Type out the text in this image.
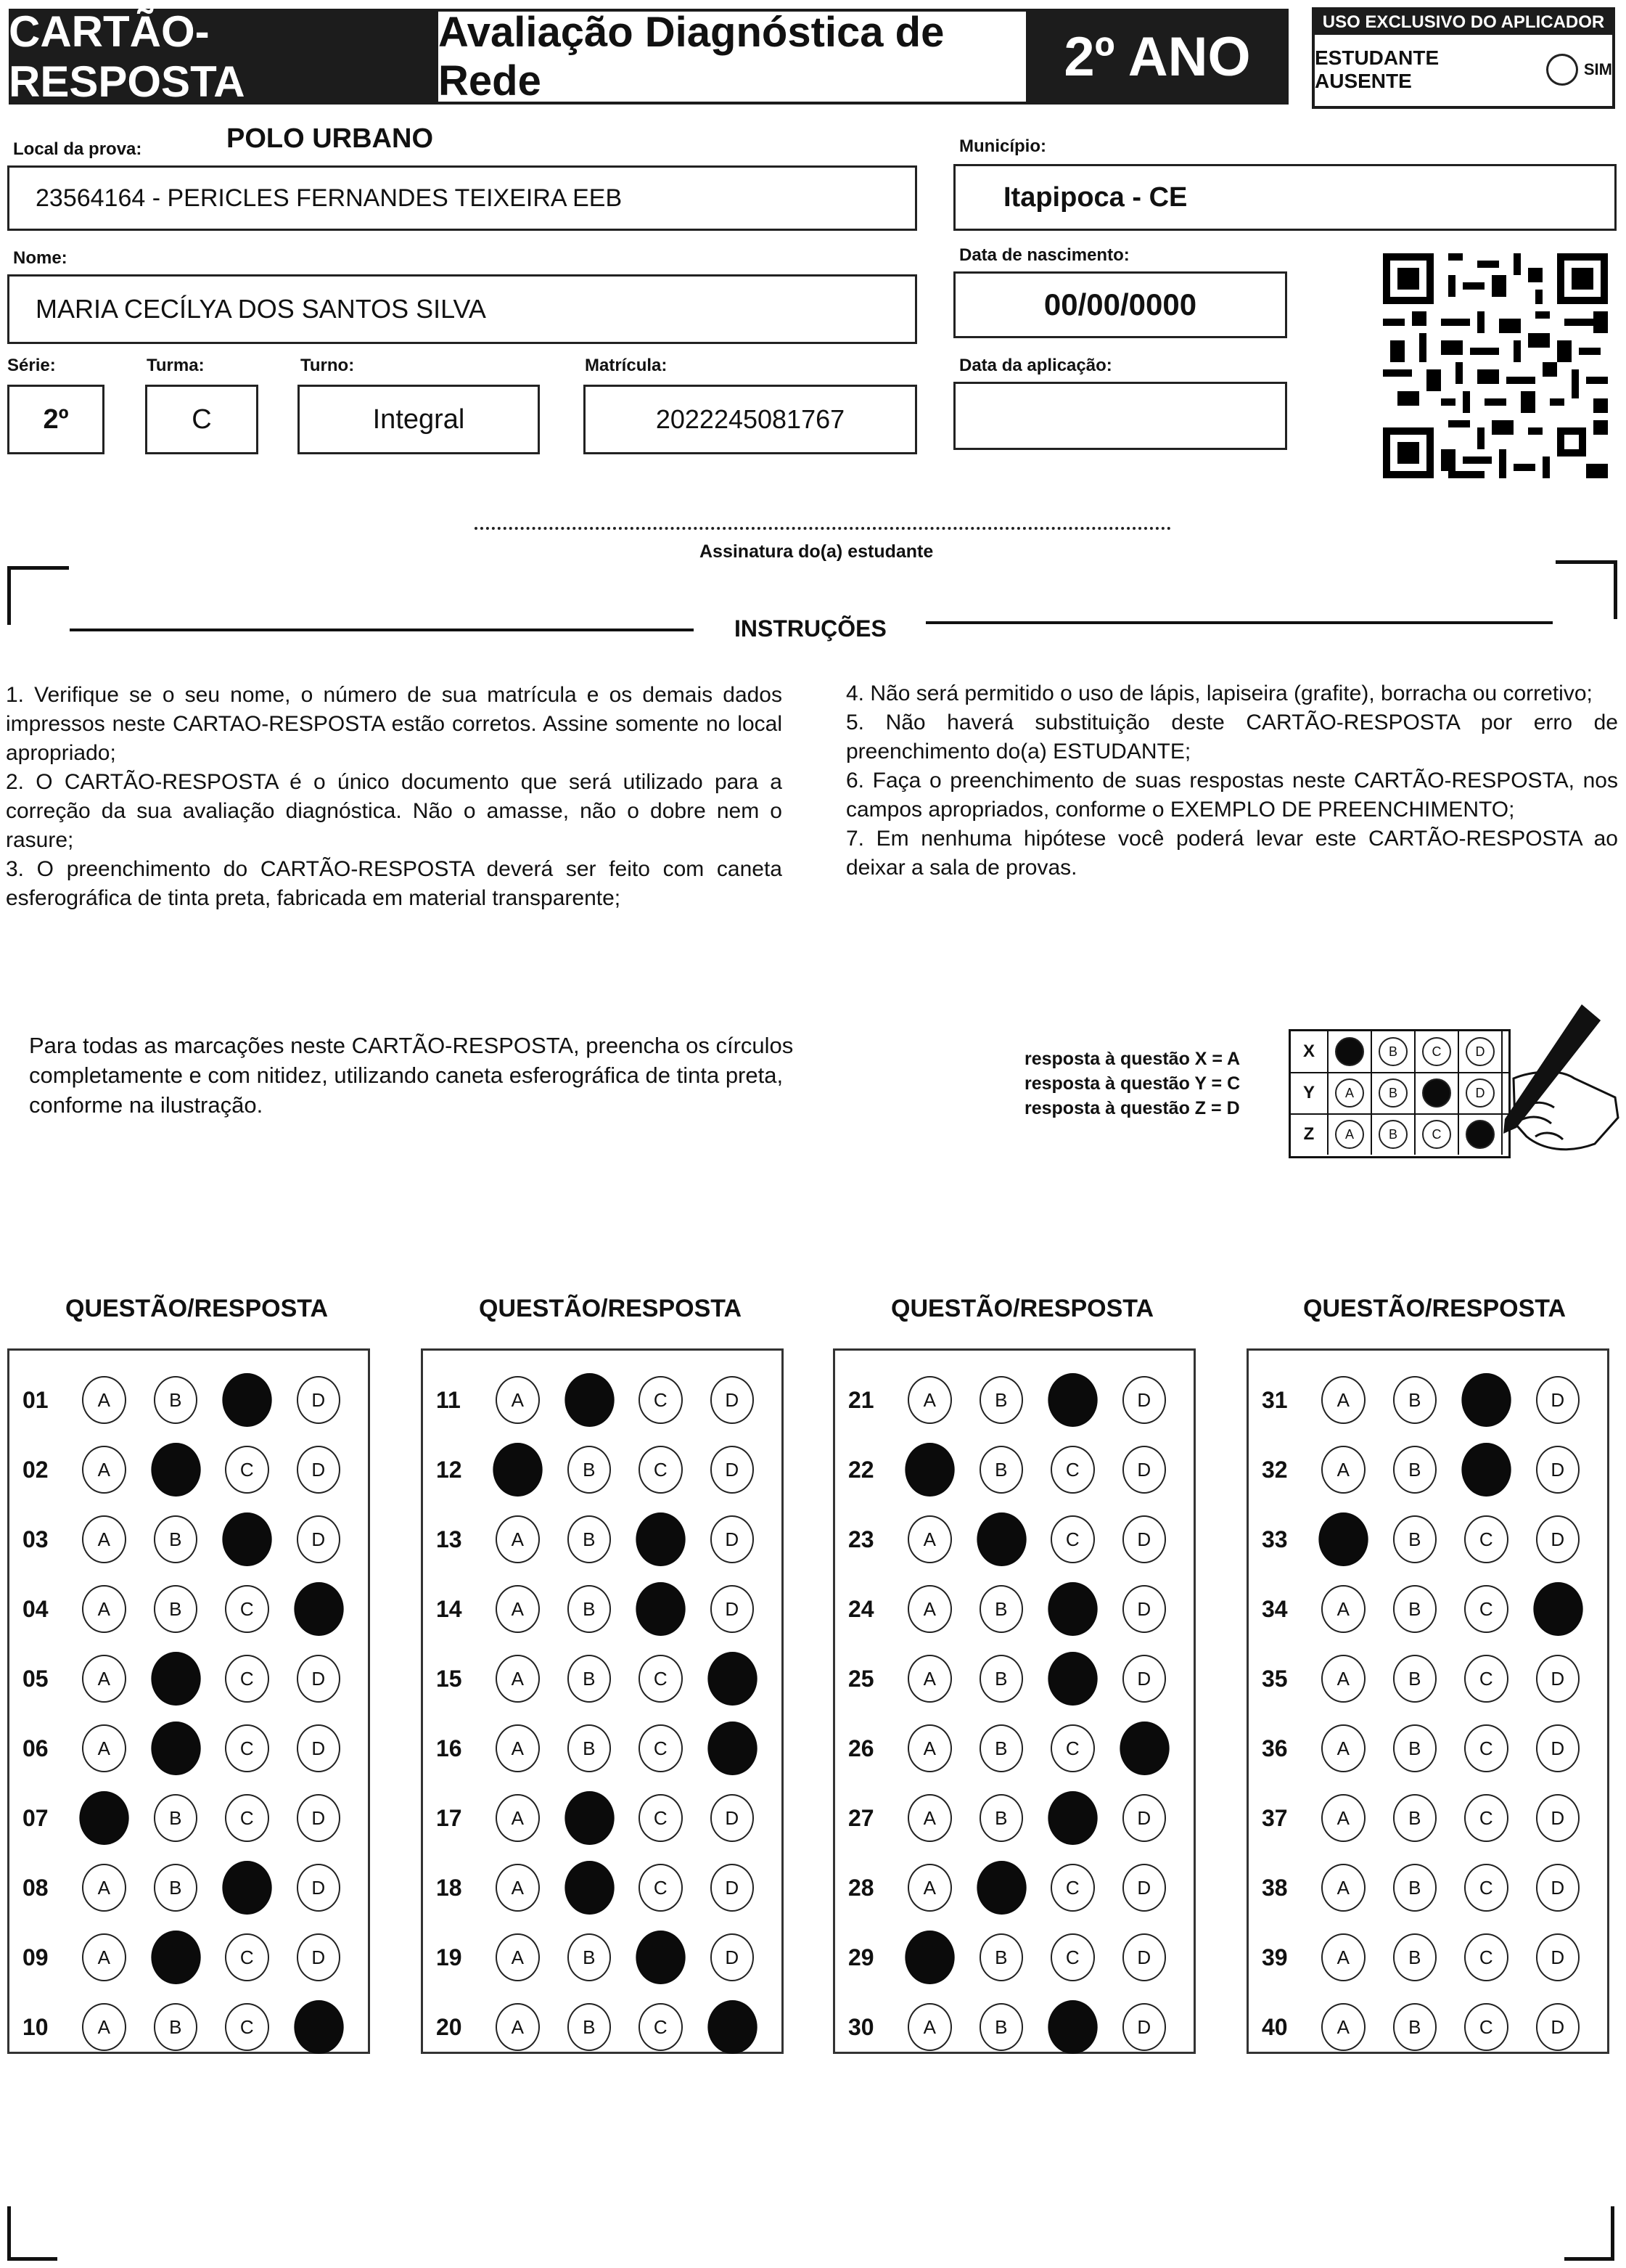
CARTÃO-RESPOSTA
Avaliação Diagnóstica de Rede	2º ANO
USO EXCLUSIVO DO APLICADOR
ESTUDANTE AUSENTE
SIM
Local da prova:	POLO URBANO
23564164 - PERICLES FERNANDES TEIXEIRA EEB
Município:
Itapipoca - CE
Nome:
MARIA CECÍLYA DOS SANTOS SILVA
Data de nascimento:
00/00/0000
Série:
2º
Turma:
C
Turno:
Integral
Matrícula:
2022245081767
Data da aplicação:
Assinatura do(a) estudante
INSTRUÇÕES
1. Verifique se o seu nome, o número de sua matrícula e os demais dados impressos neste CARTAO-RESPOSTA estão corretos. Assine somente no local apropriado;
2. O CARTÃO-RESPOSTA é o único documento que será utilizado para a correção da sua avaliação diagnóstica. Não o amasse, não o dobre nem o rasure;
3. O preenchimento do CARTÃO-RESPOSTA deverá ser feito com caneta esferográfica de tinta preta, fabricada em material transparente;
4. Não será permitido o uso de lápis, lapiseira (grafite), borracha ou corretivo;
5. Não haverá substituição deste CARTÃO-RESPOSTA por erro de preenchimento do(a) ESTUDANTE;
6. Faça o preenchimento de suas respostas neste CARTÃO-RESPOSTA, nos campos apropriados, conforme o EXEMPLO DE PREENCHIMENTO;
7. Em nenhuma hipótese você poderá levar este CARTÃO-RESPOSTA ao deixar a sala de provas.
Para todas as marcações neste CARTÃO-RESPOSTA, preencha os círculos completamente e com nitidez, utilizando caneta esferográfica de tinta preta, conforme na ilustração.
resposta à questão X = A
resposta à questão Y = C
resposta à questão Z = D
X	B	C	D
Y	A	B	D
Z	A	B	C
QUESTÃO/RESPOSTA
01	A	B	D
02	A	C	D
03	A	B	D
04	A	B	C
05	A	C	D
06	A	C	D
07	B	C	D
08	A	B	D
09	A	C	D
10	A	B	C
QUESTÃO/RESPOSTA
11	A	C	D
12	B	C	D
13	A	B	D
14	A	B	D
15	A	B	C
16	A	B	C
17	A	C	D
18	A	C	D
19	A	B	D
20	A	B	C
QUESTÃO/RESPOSTA
21	A	B	D
22	B	C	D
23	A	C	D
24	A	B	D
25	A	B	D
26	A	B	C
27	A	B	D
28	A	C	D
29	B	C	D
30	A	B	D
QUESTÃO/RESPOSTA
31	A	B	D
32	A	B	D
33	B	C	D
34	A	B	C
35	A	B	C	D
36	A	B	C	D
37	A	B	C	D
38	A	B	C	D
39	A	B	C	D
40	A	B	C	D
